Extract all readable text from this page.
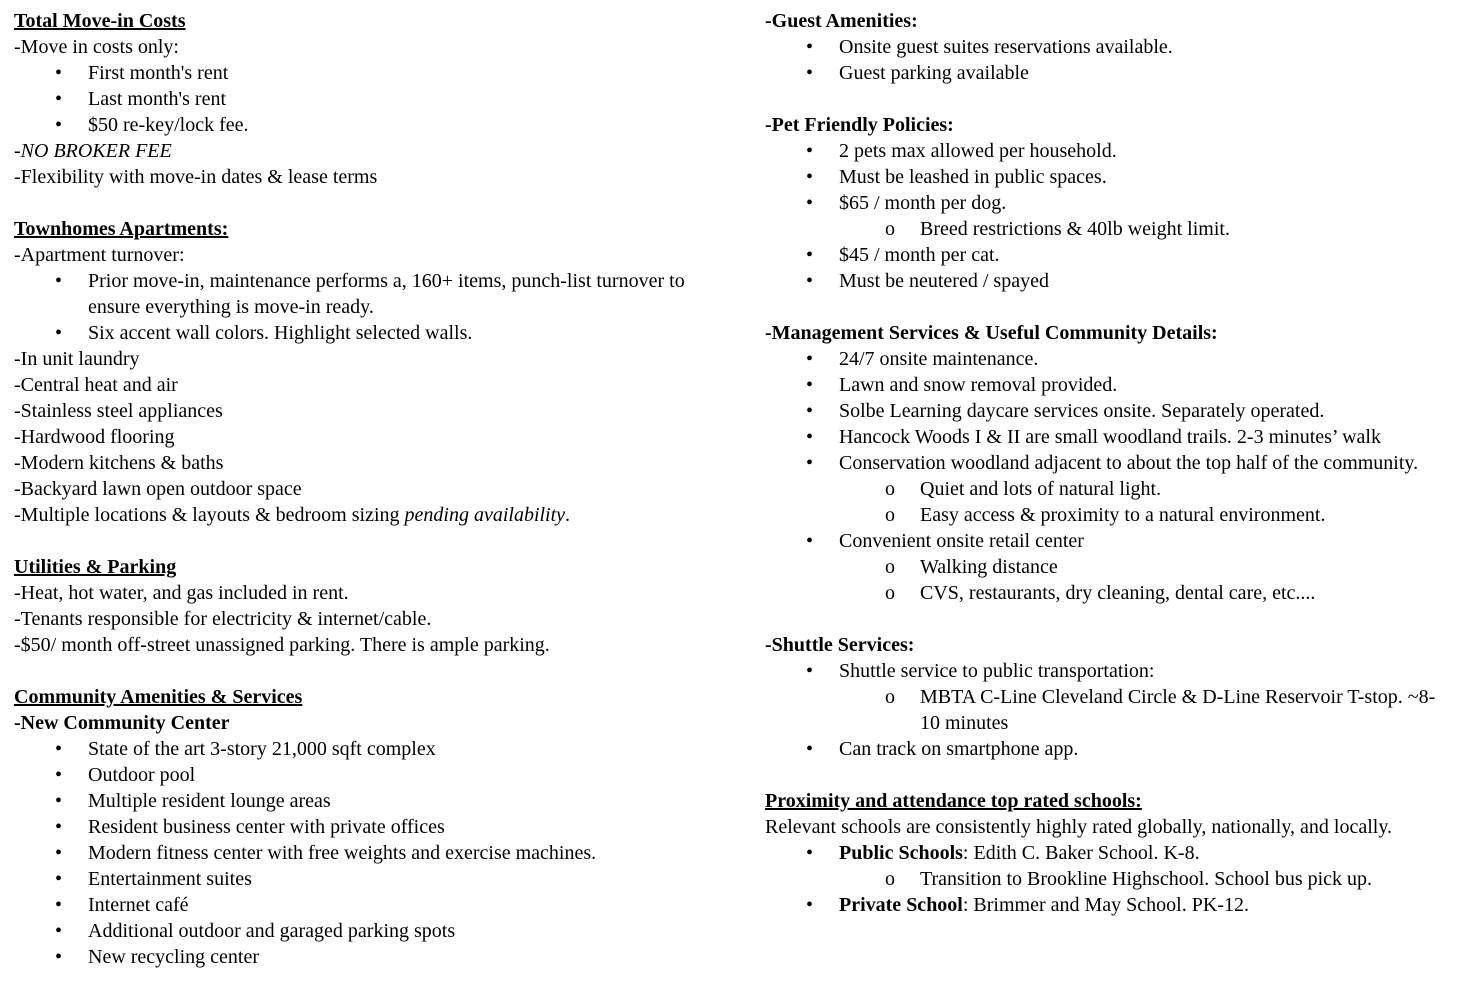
Total Move-in Costs
-Move in costs only:
•	First month's rent
•	Last month's rent
•	$50 re-key/lock fee.
-NO BROKER FEE
-Flexibility with move-in dates & lease terms
Townhomes Apartments:
-Apartment turnover:
•	Prior move-in, maintenance performs a, 160+ items, punch-list turnover to ensure everything is move-in ready.
•	Six accent wall colors. Highlight selected walls.
-In unit laundry
-Central heat and air
-Stainless steel appliances
-Hardwood flooring
-Modern kitchens & baths
-Backyard lawn open outdoor space
-Multiple locations & layouts & bedroom sizing pending availability.
Utilities & Parking
-Heat, hot water, and gas included in rent.
-Tenants responsible for electricity & internet/cable.
-$50/ month off-street unassigned parking. There is ample parking.
Community Amenities & Services
-New Community Center
•	State of the art 3-story 21,000 sqft complex
•	Outdoor pool
•	Multiple resident lounge areas
•	Resident business center with private offices
•	Modern fitness center with free weights and exercise machines.
•	Entertainment suites
•	Internet café
•	Additional outdoor and garaged parking spots
•	New recycling center
-Guest Amenities:
•	Onsite guest suites reservations available.
•	Guest parking available
-Pet Friendly Policies:
•	2 pets max allowed per household.
•	Must be leashed in public spaces.
•	$65 / month per dog.
o	Breed restrictions & 40lb weight limit.
•	$45 / month per cat.
•	Must be neutered / spayed
-Management Services & Useful Community Details:
•	24/7 onsite maintenance.
•	Lawn and snow removal provided.
•	Solbe Learning daycare services onsite. Separately operated.
•	Hancock Woods I & II are small woodland trails. 2-3 minutes’ walk
•	Conservation woodland adjacent to about the top half of the community.
o	Quiet and lots of natural light.
o	Easy access & proximity to a natural environment.
•	Convenient onsite retail center
o	Walking distance
o	CVS, restaurants, dry cleaning, dental care, etc....
-Shuttle Services:
•	Shuttle service to public transportation:
o	MBTA C-Line Cleveland Circle & D-Line Reservoir T-stop. ~8-10 minutes
•	Can track on smartphone app.
Proximity and attendance top rated schools:
Relevant schools are consistently highly rated globally, nationally, and locally.
•	Public Schools: Edith C. Baker School. K-8.
o	Transition to Brookline Highschool. School bus pick up.
•	Private School: Brimmer and May School. PK-12.
